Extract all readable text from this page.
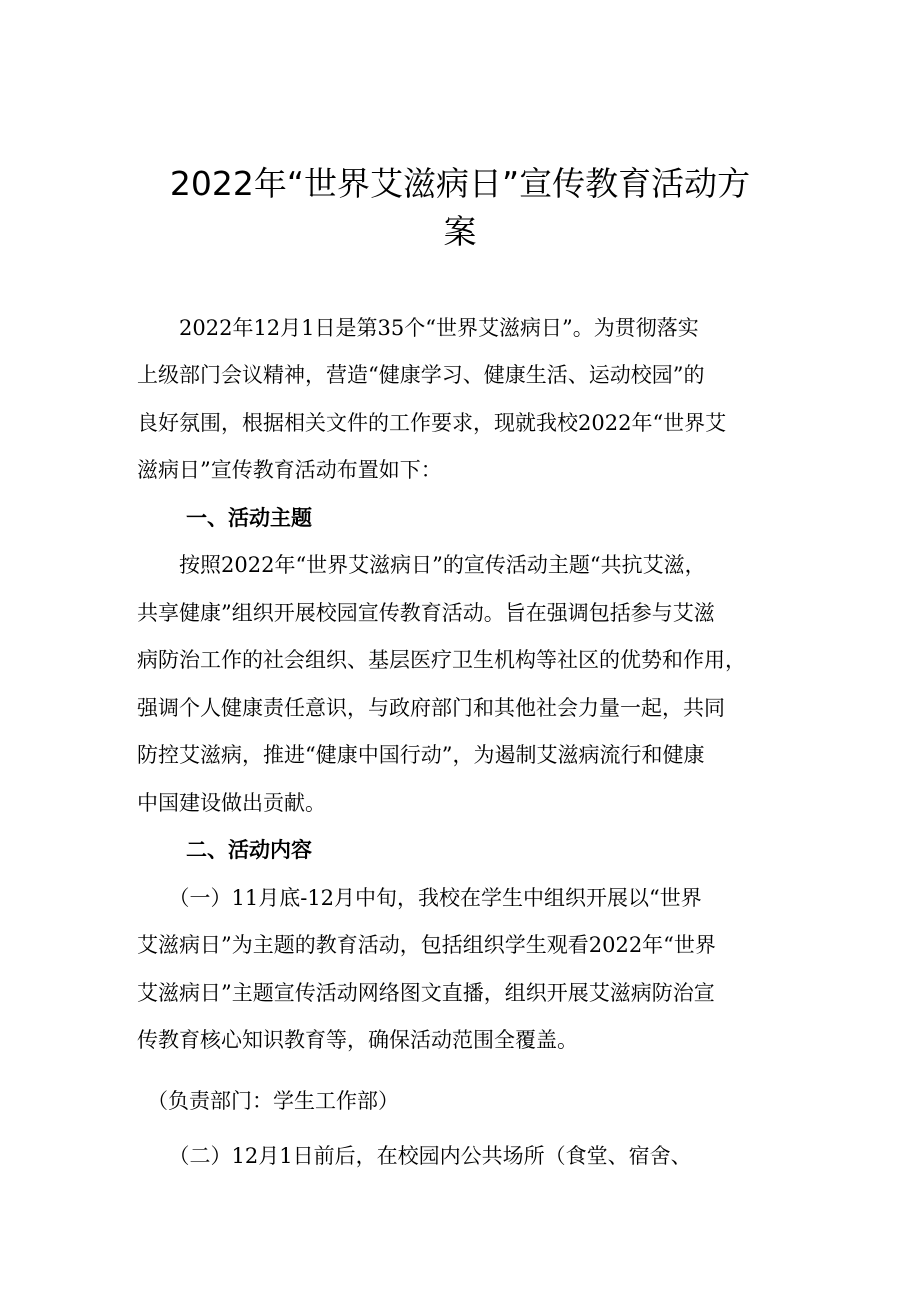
2022年“世界艾滋病日”宣传教育活动方
案

　　2022年12月1日是第35个“世界艾滋病日”。为贯彻落实

上级部门会议精神，营造“健康学习、健康生活、运动校园”的

良好氛围，根据相关文件的工作要求，现就我校2022年“世界艾

滋病日”宣传教育活动布置如下：

一、活动主题

　　按照2022年“世界艾滋病日”的宣传活动主题“共抗艾滋，

共享健康”组织开展校园宣传教育活动。旨在强调包括参与艾滋

病防治工作的社会组织、基层医疗卫生机构等社区的优势和作用，

强调个人健康责任意识，与政府部门和其他社会力量一起，共同

防控艾滋病，推进“健康中国行动”，为遏制艾滋病流行和健康

中国建设做出贡献。

二、活动内容

　　（一）11月底-12月中旬，我校在学生中组织开展以“世界

艾滋病日”为主题的教育活动，包括组织学生观看2022年“世界

艾滋病日”主题宣传活动网络图文直播，组织开展艾滋病防治宣

传教育核心知识教育等，确保活动范围全覆盖。

（负责部门：学生工作部）

　　（二）12月1日前后，在校园内公共场所（食堂、宿舍、
